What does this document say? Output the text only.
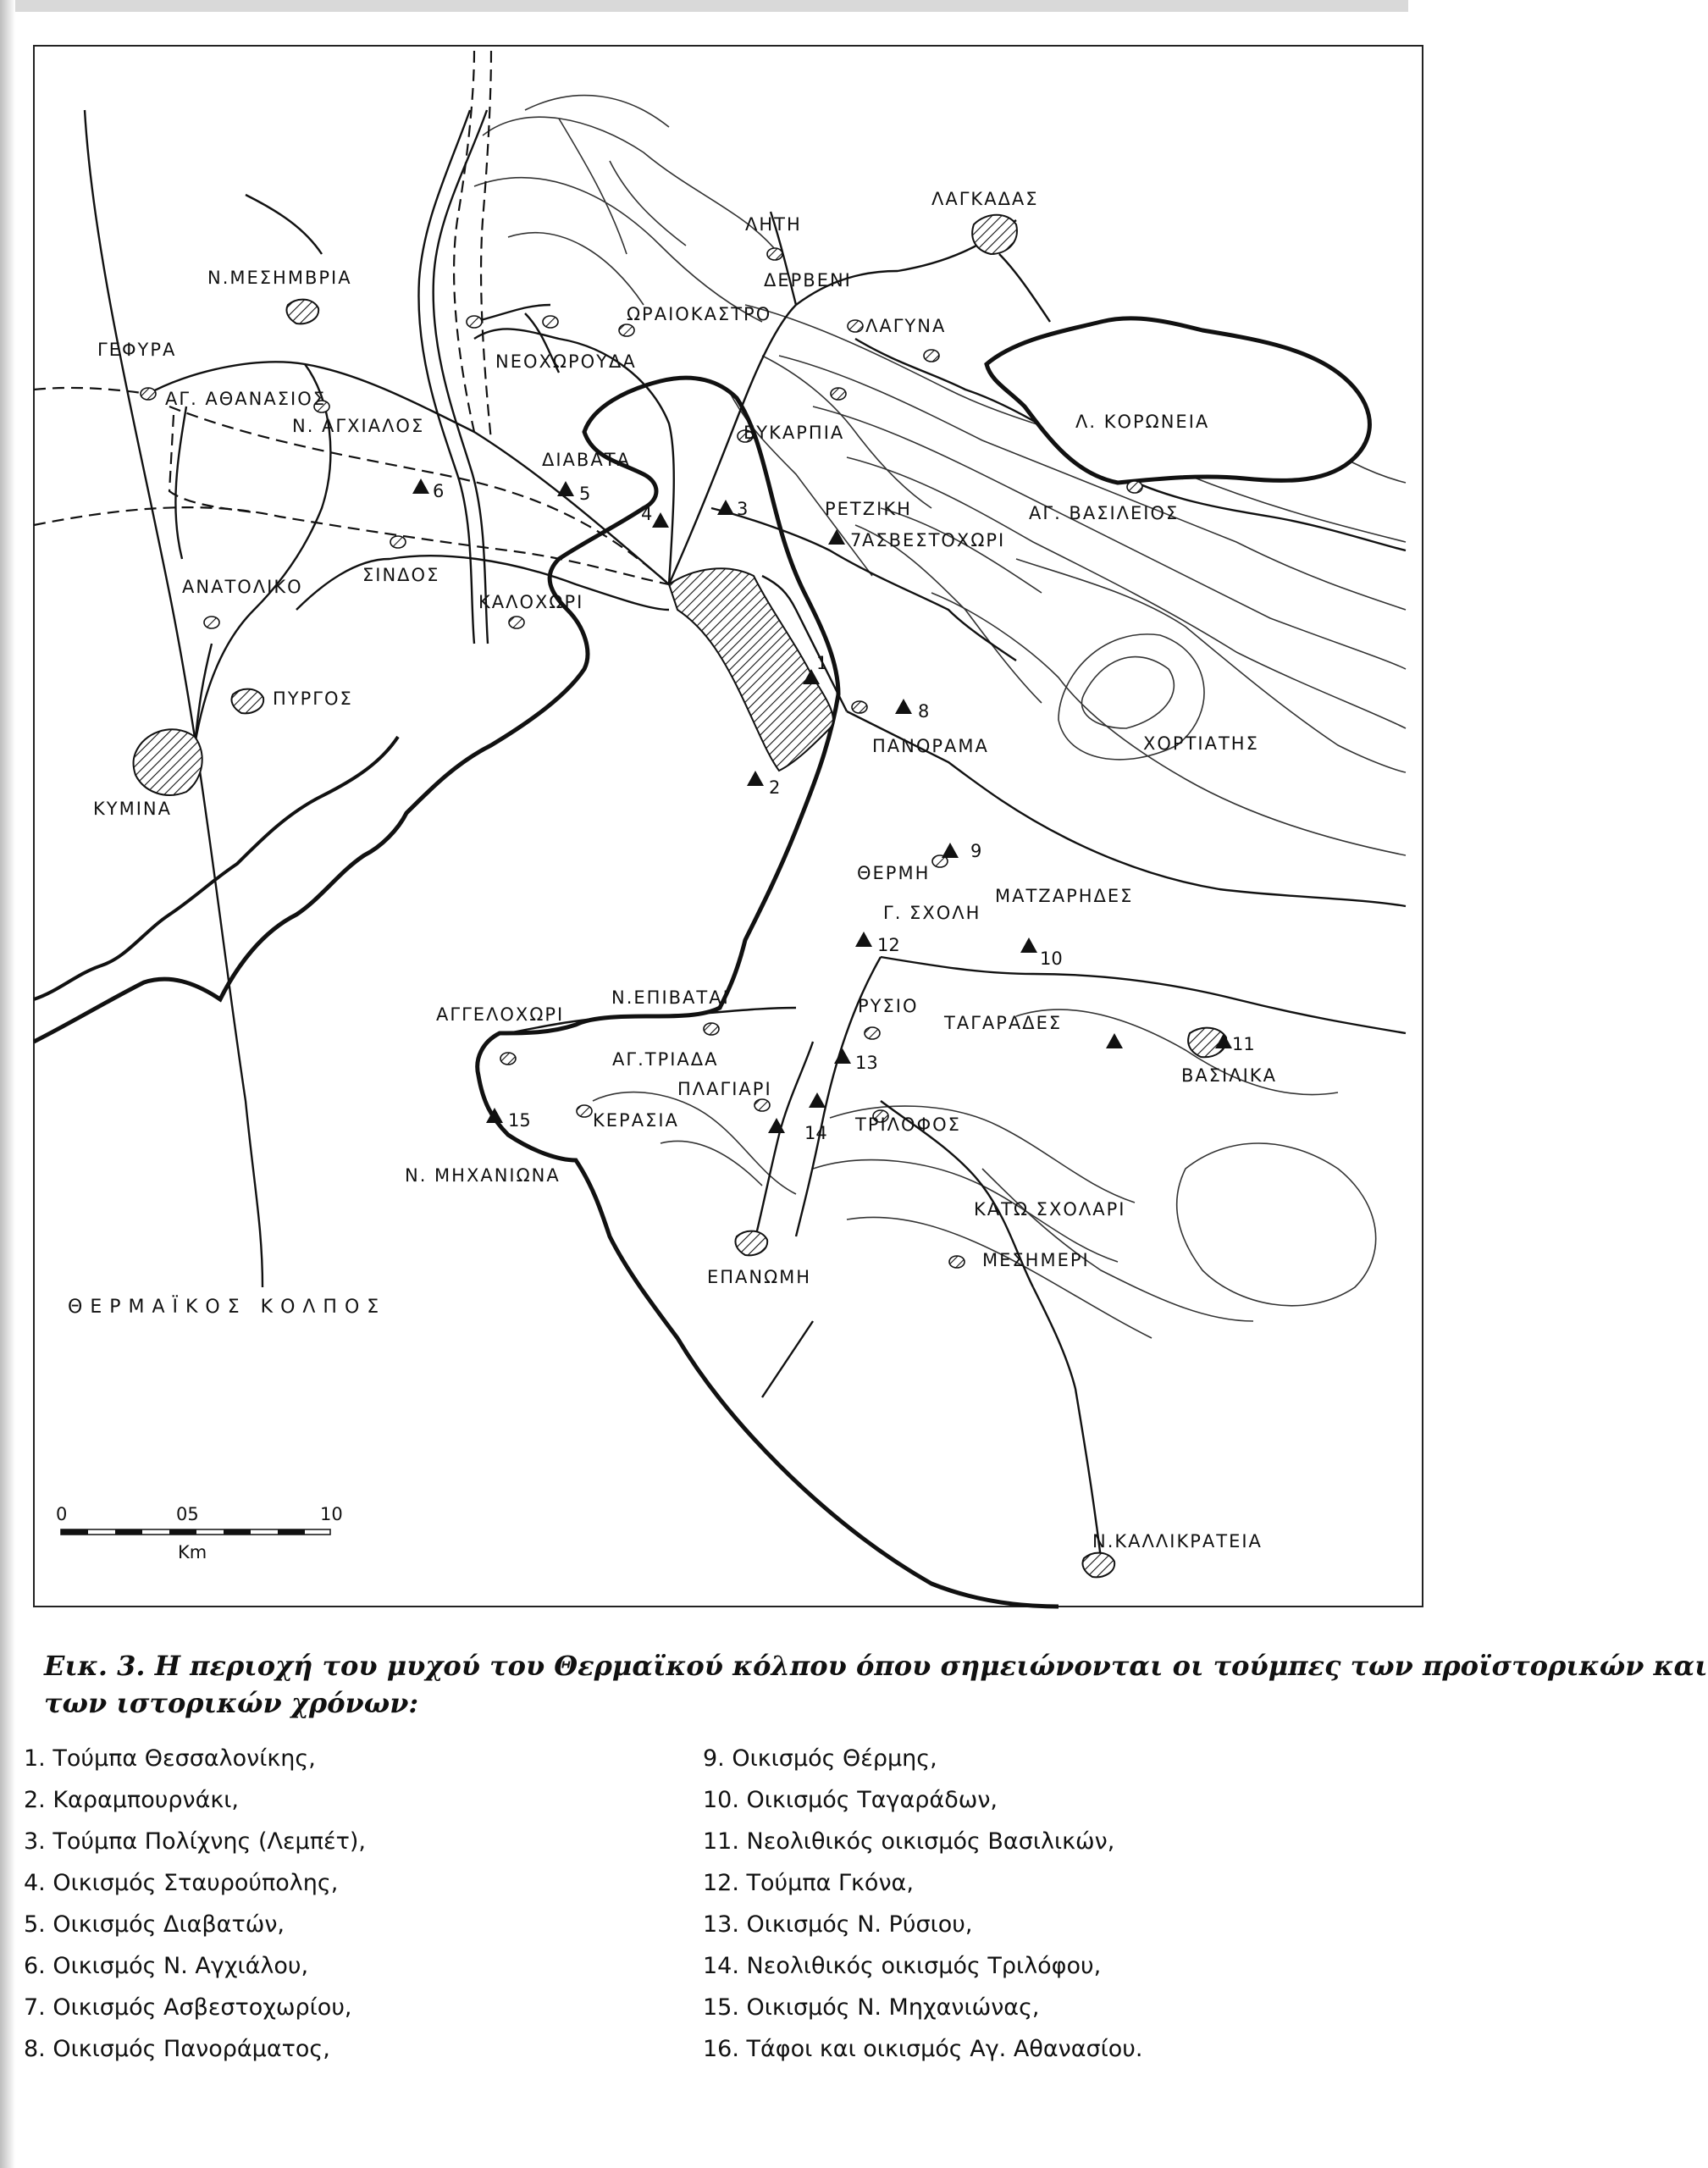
Ν.ΜΕΣΗΜΒΡΙΑ
ΓΕΦΥΡΑ
ΑΓ. ΑΘΑΝΑΣΙΟΣ
Ν. ΑΓΧΙΑΛΟΣ
ΝΕΟΧΩΡΟΥΔΑ
ΩΡΑΙΟΚΑΣΤΡΟ
ΛΗΤΗ
ΔΕΡΒΕΝΙ
ΛΑΓΚΑΔΑΣ
ΛΑΓΥΝΑ
Λ. ΚΟΡΩΝΕΙΑ
ΔΙΑΒΑΤΑ
ΕΥΚΑΡΠΙΑ
ΡΕΤΖΙΚΗ	ΑΓ. ΒΑΣΙΛΕΙΟΣ
ΑΣΒΕΣΤΟΧΩΡΙ
ΑΝΑΤΟΛΙΚΟ
ΣΙΝΔΟΣ
ΚΑΛΟΧΩΡΙ
ΠΥΡΓΟΣ
ΚΥΜΙΝΑ
ΠΑΝΟΡΑΜΑ	ΧΟΡΤΙΑΤΗΣ
ΘΕΡΜΗ
Γ. ΣΧΟΛΗ
ΜΑΤΖΑΡΗΔΕΣ
ΑΓΓΕΛΟΧΩΡΙ
Ν.ΕΠΙΒΑΤΑΙ	ΡΥΣΙΟ
ΤΑΓΑΡΑΔΕΣ
ΑΓ.ΤΡΙΑΔΑ
ΠΛΑΓΙΑΡΙ
ΒΑΣΙΛΙΚΑ
ΚΕΡΑΣΙΑ	ΤΡΙΛΟΦΟΣ
Ν. ΜΗΧΑΝΙΩΝΑ
ΚΑΤΩ ΣΧΟΛΑΡΙ
ΜΕΣΗΜΕΡΙ
ΕΠΑΝΩΜΗ
Ν.ΚΑΛΛΙΚΡΑΤΕΙΑ
ΘΕΡΜΑΪΚΟΣ ΚΟΛΠΟΣ
1
2
3
4
5
6
7
8
9
10
11
12
13
14
15
0	05	10
Km
Εικ. 3. Η περιοχή του μυχού του Θερμαϊκού κόλπου όπου σημειώνονται οι τούμπες των προϊστορικών και
των ιστορικών χρόνων:
1. Τούμπα Θεσσαλονίκης,
2. Καραμπουρνάκι,
3. Τούμπα Πολίχνης (Λεμπέτ),
4. Οικισμός Σταυρούπολης,
5. Οικισμός Διαβατών,
6. Οικισμός Ν. Αγχιάλου,
7. Οικισμός Ασβεστοχωρίου,
8. Οικισμός Πανοράματος,
9. Οικισμός Θέρμης,
10. Οικισμός Ταγαράδων,
11. Νεολιθικός οικισμός Βασιλικών,
12. Τούμπα Γκόνα,
13. Οικισμός Ν. Ρύσιου,
14. Νεολιθικός οικισμός Τριλόφου,
15. Οικισμός Ν. Μηχανιώνας,
16. Τάφοι και οικισμός Αγ. Αθανασίου.
